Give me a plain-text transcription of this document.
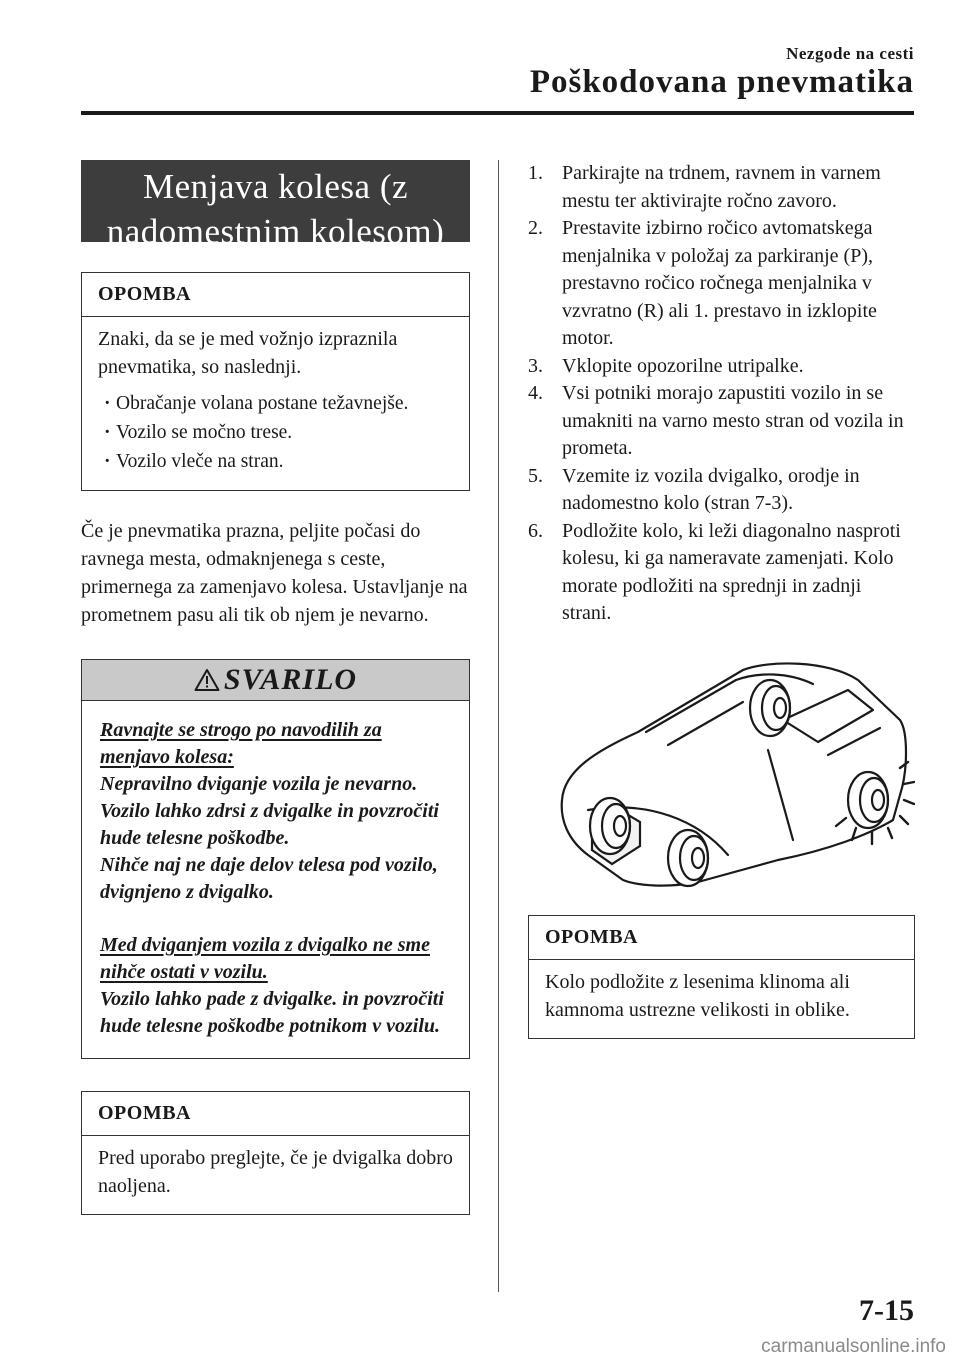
Nezgode na cesti
Poškodovana pnevmatika
Menjava kolesa (z
nadomestnim kolesom)
OPOMBA
Znaki, da se je med vožnjo izpraznila pnevmatika, so naslednji.
· Obračanje volana postane težavnejše.
· Vozilo se močno trese.
· Vozilo vleče na stran.

Če je pnevmatika prazna, peljite počasi do ravnega mesta, odmaknjenega s ceste, primernega za zamenjavo kolesa. Ustavljanje na prometnem pasu ali tik ob njem je nevarno.

SVARILO

Ravnajte se strogo po navodilih za menjavo kolesa:

Nepravilno dviganje vozila je nevarno. Vozilo lahko zdrsi z dvigalke in povzročiti hude telesne poškodbe.

Nihče naj ne daje delov telesa pod vozilo, dvignjeno z dvigalko.

Med dviganjem vozila z dvigalko ne sme nihče ostati v vozilu.

Vozilo lahko pade z dvigalke. in povzročiti hude telesne poškodbe potnikom v vozilu.

OPOMBA
Pred uporabo preglejte, če je dvigalka dobro naoljena.
1. Parkirajte na trdnem, ravnem in varnem mestu ter aktivirajte ročno zavoro.
2. Prestavite izbirno ročico avtomatskega menjalnika v položaj za parkiranje (P), prestavno ročico ročnega menjalnika v vzvratno (R) ali 1. prestavo in izklopite motor.
3. Vklopite opozorilne utripalke.
4. Vsi potniki morajo zapustiti vozilo in se umakniti na varno mesto stran od vozila in prometa.
5. Vzemite iz vozila dvigalko, orodje in nadomestno kolo (stran 7-3).
6. Podložite kolo, ki leži diagonalno nasproti kolesu, ki ga nameravate zamenjati. Kolo morate podložiti na sprednji in zadnji strani.
OPOMBA
Kolo podložite z lesenima klinoma ali kamnoma ustrezne velikosti in oblike.
7-15
carmanualsonline.info
